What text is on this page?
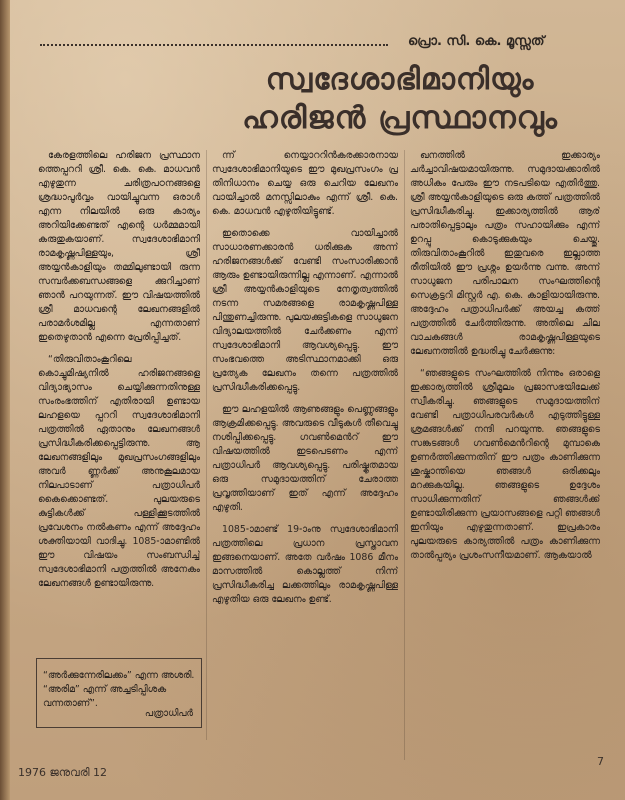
പ്രൊ. സി. കെ. മൂസ്സത്
സ്വദേശാഭിമാനിയും
ഹരിജൻ പ്രസ്ഥാനവും

കേരളത്തിലെ ഹരിജന പ്രസ്ഥാന ത്തെപ്പററി ശ്രീ. കെ. കെ. മാധവൻ എഴുതുന്ന ചരിത്രപഠനങ്ങളെ ശ്രദ്ധാപൂർവ്വം വായിച്ചുവന്ന ഒരാൾ എന്ന നിലയിൽ ഒരു കാര്യം അറിയിക്കേണ്ടത് എന്റെ ധർമ്മമായി കരുതുകയാണ്. സ്വദേശാഭിമാനി രാമകൃഷ്ണപിള്ളയും, ശ്രീ അയ്യൻകാളിയും തമ്മിലുണ്ടായി രുന്ന സമ്പർക്കബന്ധങ്ങളെ ക്കുറിച്ചാണ് ഞാൻ പറയുന്നത്. ഈ വിഷയത്തിൽ ശ്രീ മാധവന്റെ ലേഖനങ്ങളിൽ പരാമർശമില്ല എന്നതാണ് ഇതെഴുതാൻ എന്നെ പ്രേരിപ്പിച്ചത്.

“തിരുവിതാംകൂറിലെ കൊച്ചുമിഷ്യനിൽ ഹരിജനങ്ങളെ വിദ്യാഭ്യാസം ചെയ്യിക്കുന്നതിനുള്ള സംരംഭത്തിന് എതിരായി ഉണ്ടായ ലഹളയെ പ്പററി സ്വദേശാഭിമാനി പത്രത്തിൽ ഏതാനും ലേഖനങ്ങൾ പ്രസിദ്ധീകരിക്കപ്പെട്ടിരുന്നു. ആ ലേഖനങ്ങളിലും മുഖപ്രസംഗങ്ങളിലും അവർ ണ്ണർക്ക് അനുകൂലമായ നിലപാടാണ് പത്രാധിപർ കൈക്കൊണ്ടത്. പുലയരുടെ കുട്ടികൾക്ക് പള്ളിക്കൂടത്തിൽ പ്രവേശനം നൽകണം എന്ന് അദ്ദേഹം ശക്തിയായി വാദിച്ചു. 1085-ാമാണ്ടിൽ ഈ വിഷയം സംബന്ധിച്ച് സ്വദേശാഭിമാനി പത്രത്തിൽ അനേകം ലേഖനങ്ങൾ ഉണ്ടായിരുന്നു.

ന്ന് നെയ്യാററിൻകരക്കാരനായ സ്വദേശാഭിമാനിയുടെ ഈ മുഖപ്രസംഗം പ്ര തിനിധാനം ചെയ്യ ഒരു ചെറിയ ലേഖനം വായിച്ചാൽ മനസ്സിലാകും എന്ന് ശ്രീ. കെ. കെ. മാധവൻ എഴുതിയിട്ടുണ്ട്.

ഇതൊക്കെ വായിച്ചാൽ സാധാരണക്കാരൻ ധരിക്കുക അന്ന് ഹരിജനങ്ങൾക്ക് വേണ്ടി സംസാരിക്കാൻ ആരും ഉണ്ടായിരുന്നില്ല എന്നാണ്. എന്നാൽ ശ്രീ അയ്യൻകാളിയുടെ നേതൃത്വത്തിൽ നടന്ന സമരങ്ങളെ രാമകൃഷ്ണപിള്ള പിന്തുണച്ചിരുന്നു. പുലയക്കുട്ടികളെ സാധുജന വിദ്യാലയത്തിൽ ചേർക്കണം എന്ന് സ്വദേശാഭിമാനി ആവശ്യപ്പെട്ടു. ഈ സംഭവത്തെ അടിസ്ഥാനമാക്കി ഒരു പ്രത്യേക ലേഖനം തന്നെ പത്രത്തിൽ പ്രസിദ്ധീകരിക്കപ്പെട്ടു.

ഈ ലഹളയിൽ ആണുങ്ങളും പെണ്ണുങ്ങളും ആക്രമിക്കപ്പെട്ടു. അവരുടെ വീടുകൾ തീവെച്ചു നശിപ്പിക്കപ്പെട്ടു. ഗവൺമെൻറ് ഈ വിഷയത്തിൽ ഇടപെടണം എന്ന് പത്രാധിപർ ആവശ്യപ്പെട്ടു. പരിഷ്കൃതമായ ഒരു സമുദായത്തിന് ചേരാത്ത പ്രവൃത്തിയാണ് ഇത് എന്ന് അദ്ദേഹം എഴുതി.

1085-ാമാണ്ട് 19-ാംനു സ്വദേശാഭിമാനി പത്രത്തിലെ പ്രധാന പ്രസ്താവന ഇങ്ങനെയാണ്. അതേ വർഷം 1086 മീനം മാസത്തിൽ കൊല്ലത്ത് നിന്ന് പ്രസിദ്ധീകരിച്ച ലക്കത്തിലും രാമകൃഷ്ണപിള്ള എഴുതിയ ഒരു ലേഖനം ഉണ്ട്.

ഖനത്തിൽ ഇക്കാര്യം ചർച്ചാവിഷയമായിരുന്നു. സമുദായക്കാരിൽ അധികം പേരും ഈ നടപടിയെ എതിർത്തു. ശ്രീ അയ്യൻകാളിയുടെ ഒരു കത്ത് പത്രത്തിൽ പ്രസിദ്ധീകരിച്ചു. ഇക്കാര്യത്തിൽ ആര് പരാതിപ്പെട്ടാലും പത്രം സഹായിക്കും എന്ന് ഉറപ്പു കൊടുക്കുകയും ചെയ്തു. തിരുവിതാംകൂറിൽ ഇതുവരെ ഇല്ലാത്ത രീതിയിൽ ഈ പ്രശ്നം ഉയർന്നു വന്നു. അന്ന് സാധുജന പരിപാലന സംഘത്തിന്റെ സെക്രട്ടറി മിസ്റ്റർ എ. കെ. കാളിയായിരുന്നു. അദ്ദേഹം പത്രാധിപർക്ക് അയച്ച കത്ത് പത്രത്തിൽ ചേർത്തിരുന്നു. അതിലെ ചില വാചകങ്ങൾ രാമകൃഷ്ണപിള്ളയുടെ ലേഖനത്തിൽ ഉദ്ധരിച്ചു ചേർക്കുന്നു:

“ഞങ്ങളുടെ സംഘത്തിൽ നിന്നും ഒരാളെ ഇക്കാര്യത്തിൽ ശ്രീമൂലം പ്രജാസഭയിലേക്ക് സ്വീകരിച്ചു. ഞങ്ങളുടെ സമുദായത്തിന് വേണ്ടി പത്രാധിപരവർകൾ എടുത്തിട്ടുള്ള ശ്രമങ്ങൾക്ക് നന്ദി പറയുന്നു. ഞങ്ങളുടെ സങ്കടങ്ങൾ ഗവൺമെൻറിന്റെ മുമ്പാകെ ഉണർത്തിക്കുന്നതിന് ഈ പത്രം കാണിക്കുന്ന ശുഷ്കാന്തിയെ ഞങ്ങൾ ഒരിക്കലും മറക്കുകയില്ല. ഞങ്ങളുടെ ഉദ്ദേശം സാധിക്കുന്നതിന് ഞങ്ങൾക്ക് ഉണ്ടായിരിക്കുന്ന പ്രയാസങ്ങളെ പറ്റി ഞങ്ങൾ ഇനിയും എഴുതുന്നതാണ്. ഇപ്രകാരം പുലയരുടെ കാര്യത്തിൽ പത്രം കാണിക്കുന്ന താൽപ്പര്യം പ്രശംസനീയമാണ്. ആകയാൽ

“അർക്കുന്നേരിലക്കം” എന്ന അശരി. “അരിമ” എന്ന് അച്ചടിപ്പിശക വന്നതാണ്”.
പത്രാധിപർ
1976 ജനുവരി 12
7
